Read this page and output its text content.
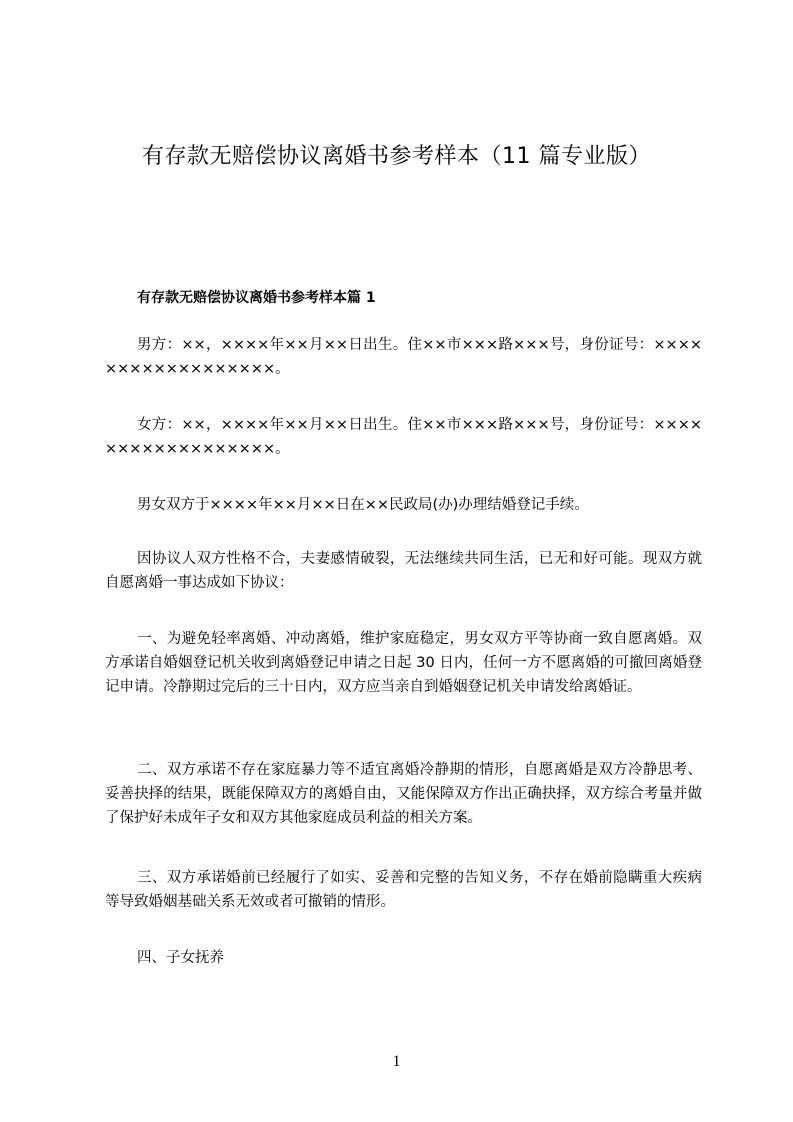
有存款无赔偿协议离婚书参考样本（11 篇专业版）
有存款无赔偿协议离婚书参考样本篇 1

男方：××，××××年××月××日出生。住××市×××路×××号，身份证号：××××××××××××××××××。

女方：××，××××年××月××日出生。住××市×××路×××号，身份证号：××××××××××××××××××。

男女双方于××××年××月××日在××民政局(办)办理结婚登记手续。

因协议人双方性格不合，夫妻感情破裂，无法继续共同生活，已无和好可能。现双方就自愿离婚一事达成如下协议：

一、为避免轻率离婚、冲动离婚，维护家庭稳定，男女双方平等协商一致自愿离婚。双方承诺自婚姻登记机关收到离婚登记申请之日起 30 日内，任何一方不愿离婚的可撤回离婚登记申请。冷静期过完后的三十日内，双方应当亲自到婚姻登记机关申请发给离婚证。

二、双方承诺不存在家庭暴力等不适宜离婚冷静期的情形，自愿离婚是双方冷静思考、妥善抉择的结果，既能保障双方的离婚自由，又能保障双方作出正确抉择，双方综合考量并做了保护好未成年子女和双方其他家庭成员利益的相关方案。

三、双方承诺婚前已经履行了如实、妥善和完整的告知义务，不存在婚前隐瞒重大疾病等导致婚姻基础关系无效或者可撤销的情形。

四、子女抚养

1
